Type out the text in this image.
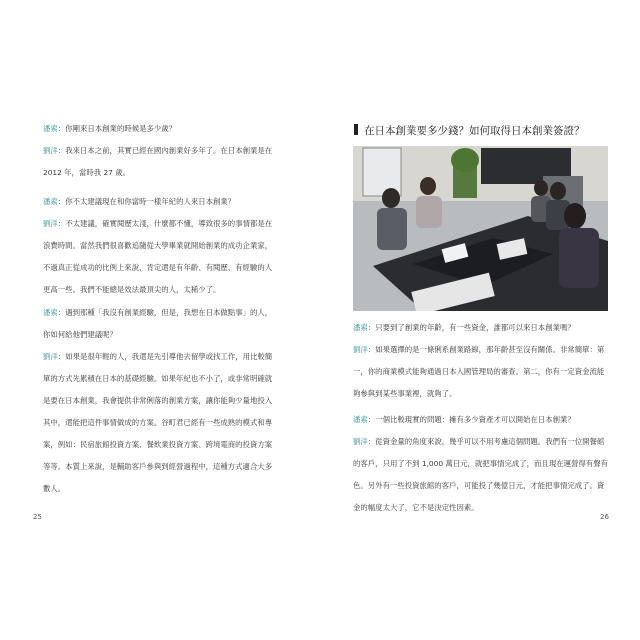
潘索：你剛來日本創業的時候是多少歲？

劉洋：我來日本之前，其實已經在國內創業好多年了。在日本創業是在 2012 年，當時我 27 歲。

潘索：你不太建議現在和你當時一樣年紀的人來日本創業？

劉洋：不太建議，確實閱歷太淺，什麼都不懂，導致很多的事情都是在浪費時間。當然我們很喜歡追隨從大學畢業就開始創業的成功企業家，不過真正從成功的比例上來說，肯定還是有年齡、有閱歷、有經驗的人更高一些。我們不能總是效法最頂尖的人，太稀少了。

潘索：遇到那種「我沒有創業經驗，但是，我想在日本做點事」的人，你如何給他們建議呢？

劉洋：如果是很年輕的人，我還是先引導他去留學或找工作，用比較簡單的方式先累積在日本的基礎經驗。如果年紀也不小了，或非常明確就是要在日本創業，我會提供非常俐落的創業方案，讓你能夠少量地投入其中，還能把這件事情做成的方案。谷町君已經有一些成熟的模式和專案，例如：民宿旅館投資方案、餐飲業投資方案、跨境電商的投資方案等等。本質上來說，是輔助客戶參與到經營過程中，這種方式適合大多數人。

25
在日本創業要多少錢？如何取得日本創業簽證？

潘索：只要到了創業的年齡，有一些資金，誰都可以來日本創業嗎？

劉洋：如果選擇的是一條俐系創業路線，那年齡甚至沒有關係。非常簡單：第一，你的商業模式能夠通過日本入國管理局的審查。第二，你有一定資金流能夠參與到某些事業裡，就夠了。

潘索：一個比較現實的問題：擁有多少資產才可以開始在日本創業？

劉洋：從資金量的角度來說，幾乎可以不用考慮這個問題。我們有一位開餐館的客戶，只用了不到 1,000 萬日元，就把事情完成了，而且現在運營得有聲有色。另外有一些投資旅館的客戶，可能投了幾億日元，才能把事情完成了。資金的幅度太大了，它不是決定性因素。

26
